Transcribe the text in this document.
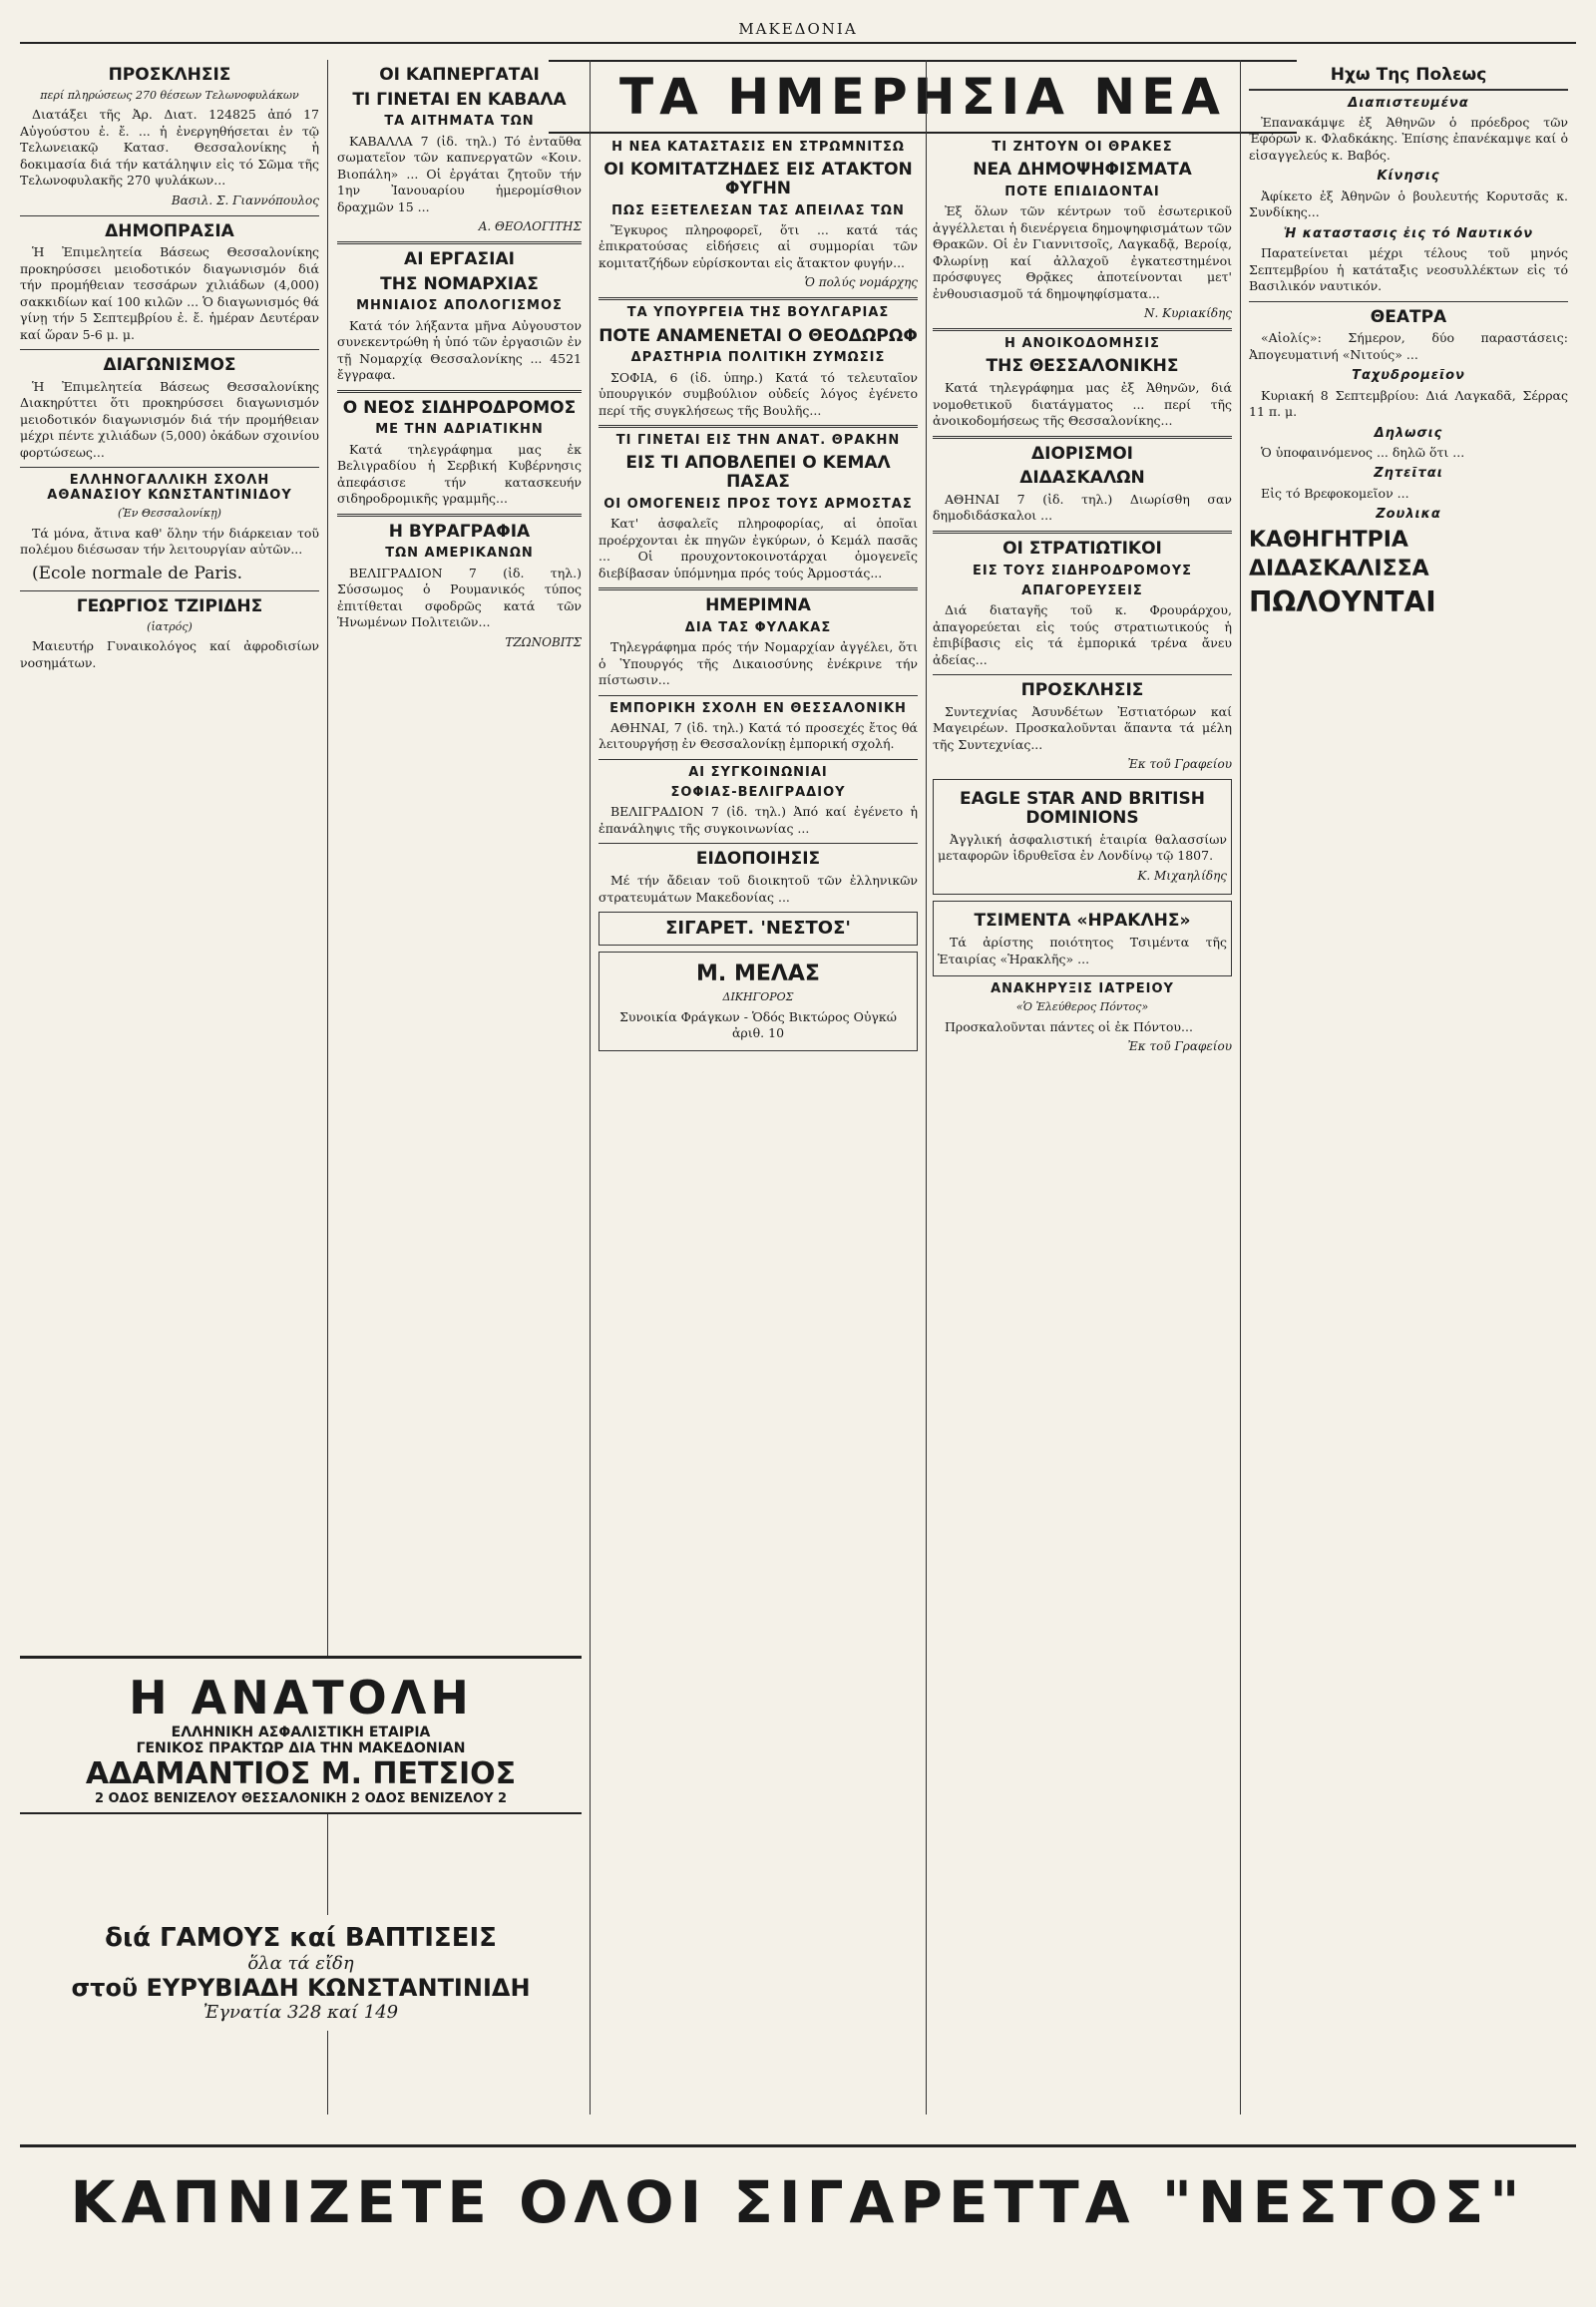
ΜΑΚΕΔΟΝΙΑ
ΤΑ ΗΜΕΡΗΣΙΑ ΝΕΑ
ΠΡΟΣΚΛΗΣΙΣ
περί πληρώσεως 270 θέσεων Τελωνοφυλάκων

Διατάξει τῆς Ἀρ. Διατ. 124825 ἀπό 17 Αὐγούστου ἐ. ἔ. ... ἡ ἐνεργηθήσεται ἐν τῷ Τελωνειακῷ Κατασ. Θεσσαλονίκης ἡ δοκιμασία διά τήν κατάληψιν εἰς τό Σῶμα τῆς Τελωνοφυλακῆς 270 ψυλάκων...

Βασιλ. Σ. Γιαννόπουλος
ΔΗΜΟΠΡΑΣΙΑ

Ἡ Ἐπιμελητεία Βάσεως Θεσσαλονίκης προκηρύσσει μειοδοτικόν διαγωνισμόν διά τήν προμήθειαν τεσσάρων χιλιάδων (4,000) σακκιδίων καί 100 κιλῶν ... Ὁ διαγωνισμός θά γίνῃ τήν 5 Σεπτεμβρίου ἐ. ἔ. ἡμέραν Δευτέραν καί ὥραν 5-6 μ. μ.

ΔΙΑΓΩΝΙΣΜΟΣ

Ἡ Ἐπιμελητεία Βάσεως Θεσσαλονίκης Διακηρύττει ὅτι προκηρύσσει διαγωνισμόν μειοδοτικόν διαγωνισμόν διά τήν προμήθειαν μέχρι πέντε χιλιάδων (5,000) ὀκάδων σχοινίου φορτώσεως...

ΕΛΛΗΝΟΓΑΛΛΙΚΗ ΣΧΟΛΗ ΑΘΑΝΑΣΙΟΥ ΚΩΝΣΤΑΝΤΙΝΙΔΟΥ
(Ἐν Θεσσαλονίκῃ)

Τά μόνα, ἄτινα καθ' ὅλην τήν διάρκειαν τοῦ πολέμου διέσωσαν τήν λειτουργίαν αὐτῶν...

(Ecole normale de Paris.

ΓΕΩΡΓΙΟΣ ΤΖΙΡΙΔΗΣ
(ἰατρός)

Μαιευτήρ Γυναικολόγος καί ἀφροδισίων νοσημάτων.

ΟΙ ΚΑΠΝΕΡΓΑΤΑΙ
ΤΙ ΓΙΝΕΤΑΙ ΕΝ ΚΑΒΑΛΑ
ΤΑ ΑΙΤΗΜΑΤΑ ΤΩΝ

ΚΑΒΑΛΛΑ 7 (ἰδ. τηλ.) Τό ἐνταῦθα σωματεῖον τῶν καπνεργατῶν «Κοιν. Βιοπάλη» ... Οἱ ἐργάται ζητοῦν τήν 1ην Ἰανουαρίου ἡμερομίσθιον δραχμῶν 15 ...

Α. ΘΕΟΛΟΓΙΤΗΣ
ΑΙ ΕΡΓΑΣΙΑΙ
ΤΗΣ ΝΟΜΑΡΧΙΑΣ
ΜΗΝΙΑΙΟΣ ΑΠΟΛΟΓΙΣΜΟΣ

Κατά τόν λήξαντα μῆνα Αὐγουστον συνεκεντρώθη ἡ ὑπό τῶν ἐργασιῶν ἐν τῇ Νομαρχίᾳ Θεσσαλονίκης ... 4521 ἔγγραφα.

Ο ΝΕΟΣ ΣΙΔΗΡΟΔΡΟΜΟΣ
ΜΕ ΤΗΝ ΑΔΡΙΑΤΙΚΗΝ

Κατά τηλεγράφημα μας ἐκ Βελιγραδίου ἡ Σερβική Κυβέρνησις ἀπεφάσισε τήν κατασκευήν σιδηροδρομικῆς γραμμῆς...

Η ΒΥΡΑΓΡΑΦΙΑ
ΤΩΝ ΑΜΕΡΙΚΑΝΩΝ

ΒΕΛΙΓΡΑΔΙΟΝ 7 (ἰδ. τηλ.) Σύσσωμος ὁ Ρουμανικός τύπος ἐπιτίθεται σφοδρῶς κατά τῶν Ἡνωμένων Πολιτειῶν...

ΤΖΩΝΟΒΙΤΣ
Η ΝΕΑ ΚΑΤΑΣΤΑΣΙΣ ΕΝ ΣΤΡΩΜΝΙΤΣΩ
ΟΙ ΚΟΜΙΤΑΤΖΗΔΕΣ ΕΙΣ ΑΤΑΚΤΟΝ ΦΥΓΗΝ
ΠΩΣ ΕΞΕΤΕΛΕΣΑΝ ΤΑΣ ΑΠΕΙΛΑΣ ΤΩΝ

Ἔγκυρος πληροφορεῖ, ὅτι ... κατά τάς ἐπικρατούσας εἰδήσεις αἱ συμμορίαι τῶν κομιτατζήδων εὑρίσκονται εἰς ἄτακτον φυγήν...

Ὁ πολύς νομάρχης
ΤΑ ΥΠΟΥΡΓΕΙΑ ΤΗΣ ΒΟΥΛΓΑΡΙΑΣ
ΠΟΤΕ ΑΝΑΜΕΝΕΤΑΙ Ο ΘΕΟΔΩΡΩΦ
ΔΡΑΣΤΗΡΙΑ ΠΟΛΙΤΙΚΗ ΖΥΜΩΣΙΣ

ΣΟΦΙΑ, 6 (ἰδ. ὑπηρ.) Κατά τό τελευταῖον ὑπουργικόν συμβούλιον οὐδείς λόγος ἐγένετο περί τῆς συγκλήσεως τῆς Βουλῆς...

ΤΙ ΓΙΝΕΤΑΙ ΕΙΣ ΤΗΝ ΑΝΑΤ. ΘΡΑΚΗΝ
ΕΙΣ ΤΙ ΑΠΟΒΛΕΠΕΙ Ο ΚΕΜΑΛ ΠΑΣΑΣ
ΟΙ ΟΜΟΓΕΝΕΙΣ ΠΡΟΣ ΤΟΥΣ ΑΡΜΟΣΤΑΣ

Κατ' ἀσφαλεῖς πληροφορίας, αἱ ὁποῖαι προέρχονται ἐκ πηγῶν ἐγκύρων, ὁ Κεμάλ πασᾶς ... Οἱ προυχοντοκοινοτάρχαι ὁμογενεῖς διεβίβασαν ὑπόμνημα πρός τούς Ἀρμοστάς...

ΗΜΕΡΙΜΝΑ
ΔΙΑ ΤΑΣ ΦΥΛΑΚΑΣ

Τηλεγράφημα πρός τήν Νομαρχίαν ἀγγέλει, ὅτι ὁ Ὑπουργός τῆς Δικαιοσύνης ἐνέκρινε τήν πίστωσιν...

ΕΜΠΟΡΙΚΗ ΣΧΟΛΗ ΕΝ ΘΕΣΣΑΛΟΝΙΚΗ

ΑΘΗΝΑΙ, 7 (ἰδ. τηλ.) Κατά τό προσεχές ἔτος θά λειτουργήσῃ ἐν Θεσσαλονίκῃ ἐμπορική σχολή.

ΑΙ ΣΥΓΚΟΙΝΩΝΙΑΙ
ΣΟΦΙΑΣ-ΒΕΛΙΓΡΑΔΙΟΥ

ΒΕΛΙΓΡΑΔΙΟΝ 7 (ἰδ. τηλ.) Ἀπό καί ἐγένετο ἡ ἐπανάληψις τῆς συγκοινωνίας ...

ΕΙΔΟΠΟΙΗΣΙΣ

Μέ τήν ἄδειαν τοῦ διοικητοῦ τῶν ἐλληνικῶν στρατευμάτων Μακεδονίας ...

ΣΙΓΑΡΕΤ. 'ΝΕΣΤΟΣ'
Μ. ΜΕΛΑΣ
ΔΙΚΗΓΟΡΟΣ

Συνοικία Φράγκων - Ὁδός Βικτώρος Οὐγκώ ἀριθ. 10

ΤΙ ΖΗΤΟΥΝ ΟΙ ΘΡΑΚΕΣ
ΝΕΑ ΔΗΜΟΨΗΦΙΣΜΑΤΑ
ΠΟΤΕ ΕΠΙΔΙΔΟΝΤΑΙ

Ἐξ ὅλων τῶν κέντρων τοῦ ἐσωτερικοῦ ἀγγέλλεται ἡ διενέργεια δημοψηφισμάτων τῶν Θρακῶν. Οἱ ἐν Γιαννιτσοῖς, Λαγκαδᾷ, Βεροίᾳ, Φλωρίνῃ καί ἀλλαχοῦ ἐγκατεστημένοι πρόσφυγες Θρᾷκες ἀποτείνονται μετ' ἐνθουσιασμοῦ τά δημοψηφίσματα...

Ν. Κυριακίδης
Η ΑΝΟΙΚΟΔΟΜΗΣΙΣ
ΤΗΣ ΘΕΣΣΑΛΟΝΙΚΗΣ

Κατά τηλεγράφημα μας ἐξ Ἀθηνῶν, διά νομοθετικοῦ διατάγματος ... περί τῆς ἀνοικοδομήσεως τῆς Θεσσαλονίκης...

ΔΙΟΡΙΣΜΟΙ
ΔΙΔΑΣΚΑΛΩΝ

ΑΘΗΝΑΙ 7 (ἰδ. τηλ.) Διωρίσθη σαν δημοδιδάσκαλοι ...

ΟΙ ΣΤΡΑΤΙΩΤΙΚΟΙ
ΕΙΣ ΤΟΥΣ ΣΙΔΗΡΟΔΡΟΜΟΥΣ
ΑΠΑΓΟΡΕΥΣΕΙΣ

Διά διαταγῆς τοῦ κ. Φρουράρχου, ἀπαγορεύεται εἰς τούς στρατιωτικούς ἡ ἐπιβίβασις εἰς τά ἐμπορικά τρένα ἄνευ ἀδείας...

ΠΡΟΣΚΛΗΣΙΣ

Συντεχνίας Ἀσυνδέτων Ἐστιατόρων καί Μαγειρέων. Προσκαλοῦνται ἅπαντα τά μέλη τῆς Συντεχνίας...

Ἐκ τοῦ Γραφείου
EAGLE STAR AND BRITISH DOMINIONS

Ἀγγλική ἀσφαλιστική ἑταιρία θαλασσίων μεταφορῶν ἱδρυθεῖσα ἐν Λονδίνῳ τῷ 1807.

Κ. Μιχαηλίδης
ΤΣΙΜΕΝΤΑ «ΗΡΑΚΛΗΣ»

Τά ἀρίστης ποιότητος Τσιμέντα τῆς Ἑταιρίας «Ἡρακλῆς» ...

ΑΝΑΚΗΡΥΞΙΣ ΙΑΤΡΕΙΟΥ
«Ὁ Ἐλεύθερος Πόντος»

Προσκαλοῦνται πάντες οἱ ἐκ Πόντου...

Ἐκ τοῦ Γραφείου
Ηχω Της Πολεως
Διαπιστευμένα

Ἐπανακάμψε ἐξ Ἀθηνῶν ὁ πρόεδρος τῶν Ἐφόρων κ. Φλαδκάκης. Ἐπίσης ἐπανέκαμψε καί ὁ εἰσαγγελεύς κ. Βαβός.

Κίνησις

Ἀφίκετο ἐξ Ἀθηνῶν ὁ βουλευτής Κορυτσᾶς κ. Συνδίκης...

Ἡ καταστασις ἐις τό Ναυτικόν

Παρατείνεται μέχρι τέλους τοῦ μηνός Σεπτεμβρίου ἡ κατάταξις νεοσυλλέκτων εἰς τό Βασιλικόν ναυτικόν.

ΘΕΑΤΡΑ

«Αἰολίς»: Σήμερον, δύο παραστάσεις: Ἀπογευματινή «Νιτούς» ...

Ταχυδρομεῖον

Κυριακή 8 Σεπτεμβρίου: Διά Λαγκαδᾶ, Σέρρας 11 π. μ.

Δηλωσις

Ὁ ὑποφαινόμενος ... δηλῶ ὅτι ...

Ζητεῖται

Εἰς τό Βρεφοκομεῖον ...

Ζουλικα
ΚΑΘΗΓΗΤΡΙΑ
ΔΙΔΑΣΚΑΛΙΣΣΑ
ΠΩΛΟΥΝΤΑΙ
Η ΑΝΑΤΟΛΗ
ΕΛΛΗΝΙΚΗ ΑΣΦΑΛΙΣΤΙΚΗ ΕΤΑΙΡΙΑ
ΓΕΝΙΚΟΣ ΠΡΑΚΤΩΡ ΔΙΑ ΤΗΝ ΜΑΚΕΔΟΝΙΑΝ
ΑΔΑΜΑΝΤΙΟΣ Μ. ΠΕΤΣΙΟΣ
2 ΟΔΟΣ ΒΕΝΙΖΕΛΟΥ ΘΕΣΣΑΛΟΝΙΚΗ 2 ΟΔΟΣ ΒΕΝΙΖΕΛΟΥ 2
διά ΓΑΜΟΥΣ καί ΒΑΠΤΙΣΕΙΣ
ὅλα τά εἴδη
στοῦ ΕΥΡΥΒΙΑΔΗ ΚΩΝΣΤΑΝΤΙΝΙΔΗ
Ἐγνατία 328 καί 149
ΚΑΠΝΙΖΕΤΕ ΟΛΟΙ ΣΙΓΑΡΕΤΤΑ "ΝΕΣΤΟΣ"
